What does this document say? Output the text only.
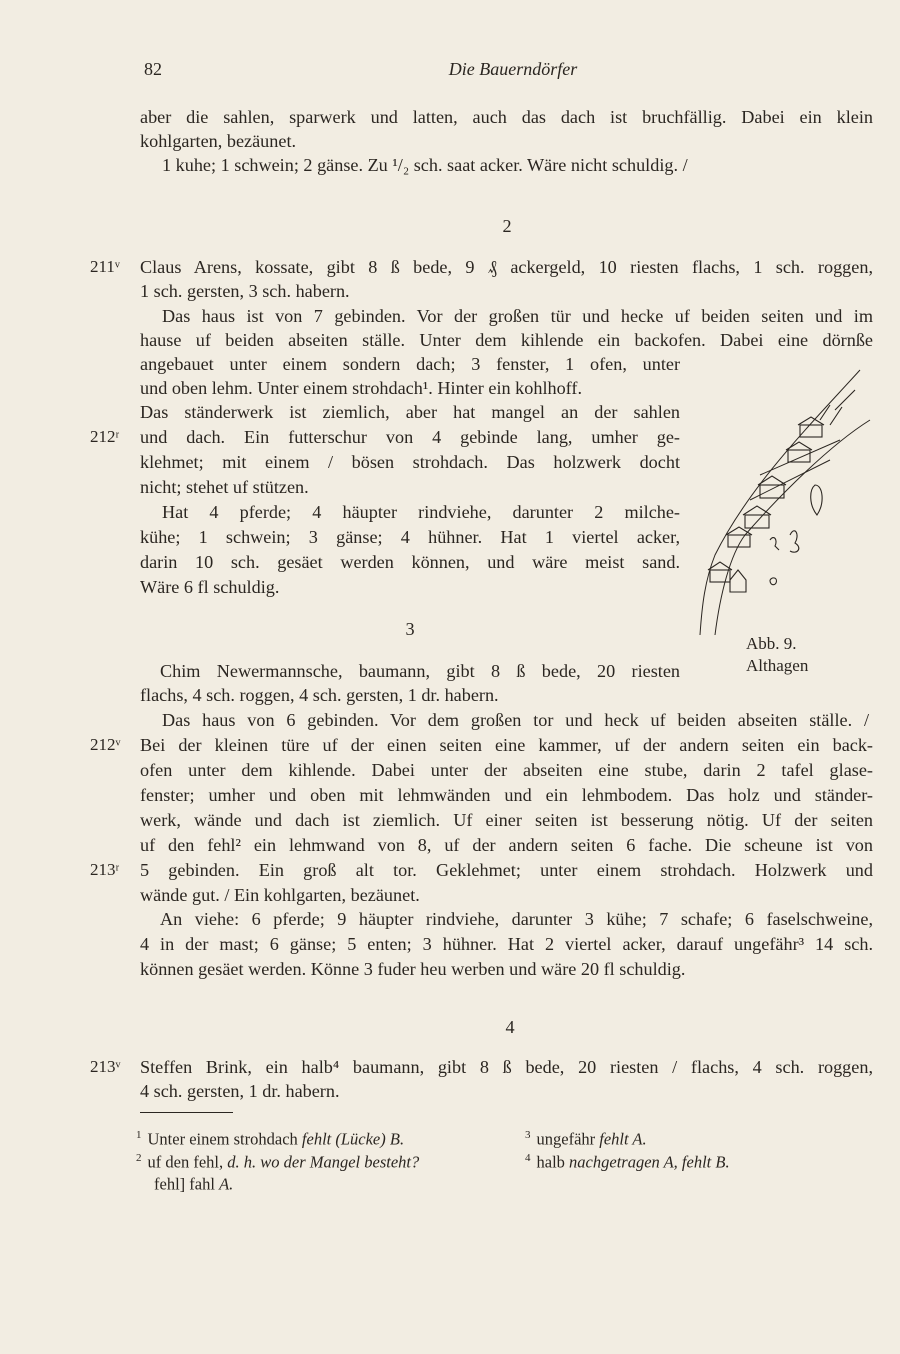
82	Die Bauerndörfer
aber die sahlen, sparwerk und latten, auch das dach ist bruchfällig. Dabei ein klein
kohlgarten, bezäunet.
1 kuhe; 1 schwein; 2 gänse. Zu ¹/₂ sch. saat acker. Wäre nicht schuldig. /
2
Claus Arens, kossate, gibt 8 ß bede, 9 ₰ ackergeld, 10 riesten flachs, 1 sch. roggen,
1 sch. gersten, 3 sch. habern.
Das haus ist von 7 gebinden. Vor der großen tür und hecke uf beiden seiten und im
hause uf beiden abseiten ställe. Unter dem kihlende ein backofen. Dabei eine dörnße
angebauet unter einem sondern dach; 3 fenster, 1 ofen, unter
und oben lehm. Unter einem strohdach¹. Hinter ein kohlhoff.
Das ständerwerk ist ziemlich, aber hat mangel an der sahlen
und dach. Ein futterschur von 4 gebinde lang, umher ge-
klehmet; mit einem / bösen strohdach. Das holzwerk docht
nicht; stehet uf stützen.
Hat 4 pferde; 4 häupter rindviehe, darunter 2 milche-
kühe; 1 schwein; 3 gänse; 4 hühner. Hat 1 viertel acker,
darin 10 sch. gesäet werden können, und wäre meist sand.
Wäre 6 fl schuldig.
3
Chim Newermannsche, baumann, gibt 8 ß bede, 20 riesten
flachs, 4 sch. roggen, 4 sch. gersten, 1 dr. habern.
Das haus von 6 gebinden. Vor dem großen tor und heck uf beiden abseiten ställe. /
Bei der kleinen türe uf der einen seiten eine kammer, uf der andern seiten ein back-
ofen unter dem kihlende. Dabei unter der abseiten eine stube, darin 2 tafel glase-
fenster; umher und oben mit lehmwänden und ein lehmbodem. Das holz und ständer-
werk, wände und dach ist ziemlich. Uf einer seiten ist besserung nötig. Uf der seiten
uf den fehl² ein lehmwand von 8, uf der andern seiten 6 fache. Die scheune ist von
5 gebinden. Ein groß alt tor. Geklehmet; unter einem strohdach. Holzwerk und
wände gut. / Ein kohlgarten, bezäunet.
An viehe: 6 pferde; 9 häupter rindviehe, darunter 3 kühe; 7 schafe; 6 faselschweine,
4 in der mast; 6 gänse; 5 enten; 3 hühner. Hat 2 viertel acker, darauf ungefähr³ 14 sch.
können gesäet werden. Könne 3 fuder heu werben und wäre 20 fl schuldig.
4
Steffen Brink, ein halb⁴ baumann, gibt 8 ß bede, 20 riesten / flachs, 4 sch. roggen,
4 sch. gersten, 1 dr. habern.
211ᵛ
212ʳ
212ᵛ
213ʳ
213ᵛ
Abb. 9.
Althagen
$^1$ Unter einem strohdach fehlt (Lücke) B.
$^2$ uf den fehl, d. h. wo der Mangel besteht?
fehl] fahl A.
$^3$ ungefähr fehlt A.
$^4$ halb nachgetragen A, fehlt B.
